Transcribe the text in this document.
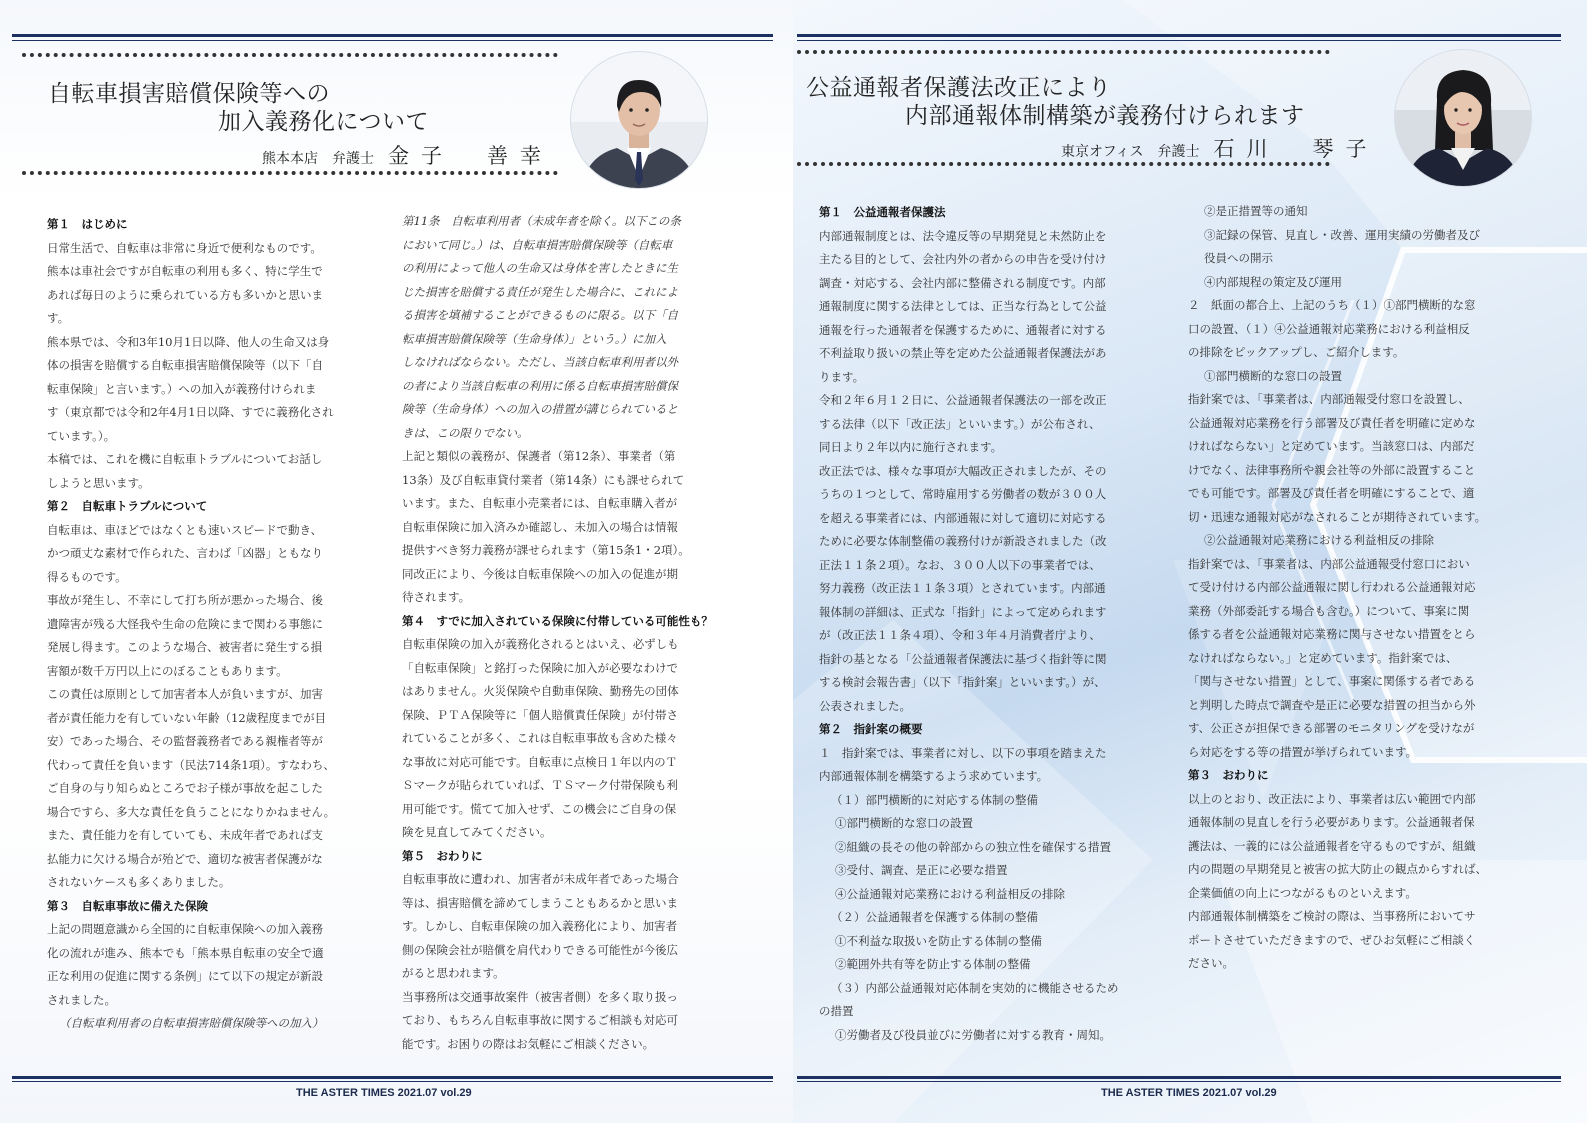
自転車損害賠償保険等への
加入義務化について
熊本本店　 弁護士 金子　善幸

第１　はじめに

日常生活で、自転車は非常に身近で便利なものです。

熊本は車社会ですが自転車の利用も多く、特に学生で

あれば毎日のように乗られている方も多いかと思いま

す。

熊本県では、令和3年10月1日以降、他人の生命又は身

体の損害を賠償する自転車損害賠償保険等（以下「自

転車保険」と言います。）への加入が義務付けられま

す（東京都では令和2年4月1日以降、すでに義務化され

ています。）。

本稿では、これを機に自転車トラブルについてお話し

しようと思います。

第２　自転車トラブルについて

自転車は、車ほどではなくとも速いスピードで動き、

かつ頑丈な素材で作られた、言わば「凶器」ともなり

得るものです。

事故が発生し、不幸にして打ち所が悪かった場合、後

遺障害が残る大怪我や生命の危険にまで関わる事態に

発展し得ます。このような場合、被害者に発生する損

害額が数千万円以上にのぼることもあります。

この責任は原則として加害者本人が負いますが、加害

者が責任能力を有していない年齢（12歳程度までが目

安）であった場合、その監督義務者である親権者等が

代わって責任を負います（民法714条1項）。すなわち、

ご自身の与り知らぬところでお子様が事故を起こした

場合ですら、多大な責任を負うことになりかねません。

また、責任能力を有していても、未成年者であれば支

払能力に欠ける場合が殆どで、適切な被害者保護がな

されないケースも多くありました。

第３　自転車事故に備えた保険

上記の問題意識から全国的に自転車保険への加入義務

化の流れが進み、熊本でも「熊本県自転車の安全で適

正な利用の促進に関する条例」にて以下の規定が新設

されました。

（自転車利用者の自転車損害賠償保険等への加入）

第11条　自転車利用者（未成年者を除く。以下この条

において同じ。）は、自転車損害賠償保険等（自転車

の利用によって他人の生命又は身体を害したときに生

じた損害を賠償する責任が発生した場合に、これによ

る損害を填補することができるものに限る。以下「自

転車損害賠償保険等（生命身体）」という。）に加入

しなければならない。ただし、当該自転車利用者以外

の者により当該自転車の利用に係る自転車損害賠償保

険等（生命身体）への加入の措置が講じられていると

きは、この限りでない。

上記と類似の義務が、保護者（第12条）、事業者（第

13条）及び自転車貸付業者（第14条）にも課せられて

います。また、自転車小売業者には、自転車購入者が

自転車保険に加入済みか確認し、未加入の場合は情報

提供すべき努力義務が課せられます（第15条1・2項）。

同改正により、今後は自転車保険への加入の促進が期

待されます。

第４　すでに加入されている保険に付帯している可能性も？

自転車保険の加入が義務化されるとはいえ、必ずしも

「自転車保険」と銘打った保険に加入が必要なわけで

はありません。火災保険や自動車保険、勤務先の団体

保険、ＰＴＡ保険等に「個人賠償責任保険」が付帯さ

れていることが多く、これは自転車事故も含めた様々

な事故に対応可能です。自転車に点検日１年以内のＴ

Ｓマークが貼られていれば、ＴＳマーク付帯保険も利

用可能です。慌てて加入せず、この機会にご自身の保

険を見直してみてください。

第５　おわりに

自転車事故に遭われ、加害者が未成年者であった場合

等は、損害賠償を諦めてしまうこともあるかと思いま

す。しかし、自転車保険の加入義務化により、加害者

側の保険会社が賠償を肩代わりできる可能性が今後広

がると思われます。

当事務所は交通事故案件（被害者側）を多く取り扱っ

ており、もちろん自転車事故に関するご相談も対応可

能です。お困りの際はお気軽にご相談ください。

THE ASTER TIMES 2021.07 vol.29
公益通報者保護法改正により
内部通報体制構築が義務付けられます
東京オフィス　 弁護士 石川　琴子

第１　公益通報者保護法

内部通報制度とは、法令違反等の早期発見と未然防止を

主たる目的として、会社内外の者からの申告を受け付け

調査・対応する、会社内部に整備される制度です。内部

通報制度に関する法律としては、正当な行為として公益

通報を行った通報者を保護するために、通報者に対する

不利益取り扱いの禁止等を定めた公益通報者保護法があ

ります。

令和２年６月１２日に、公益通報者保護法の一部を改正

する法律（以下「改正法」といいます。）が公布され、

同日より２年以内に施行されます。

改正法では、様々な事項が大幅改正されましたが、その

うちの１つとして、常時雇用する労働者の数が３００人

を超える事業者には、内部通報に対して適切に対応する

ために必要な体制整備の義務付けが新設されました（改

正法１１条２項）。なお、３００人以下の事業者では、

努力義務（改正法１１条３項）とされています。内部通

報体制の詳細は、正式な「指針」によって定められます

が（改正法１１条４項）、令和３年４月消費者庁より、

指針の基となる「公益通報者保護法に基づく指針等に関

する検討会報告書」（以下「指針案」といいます。）が、

公表されました。

第２　指針案の概要

１　指針案では、事業者に対し、以下の事項を踏まえた

内部通報体制を構築するよう求めています。

（１）部門横断的に対応する体制の整備

①部門横断的な窓口の設置

②組織の長その他の幹部からの独立性を確保する措置

③受付、調査、是正に必要な措置

④公益通報対応業務における利益相反の排除

（２）公益通報者を保護する体制の整備

①不利益な取扱いを防止する体制の整備

②範囲外共有等を防止する体制の整備

（３）内部公益通報対応体制を実効的に機能させるため

の措置

①労働者及び役員並びに労働者に対する教育・周知。

②是正措置等の通知

③記録の保管、見直し・改善、運用実績の労働者及び

役員への開示

④内部規程の策定及び運用

２　紙面の都合上、上記のうち（１）①部門横断的な窓

口の設置、（１）④公益通報対応業務における利益相反

の排除をピックアップし、ご紹介します。

①部門横断的な窓口の設置

指針案では、「事業者は、内部通報受付窓口を設置し、

公益通報対応業務を行う部署及び責任者を明確に定めな

ければならない」と定めています。当該窓口は、内部だ

けでなく、法律事務所や親会社等の外部に設置すること

でも可能です。部署及び責任者を明確にすることで、適

切・迅速な通報対応がなされることが期待されています。

②公益通報対応業務における利益相反の排除

指針案では、「事業者は、内部公益通報受付窓口におい

て受け付ける内部公益通報に関し行われる公益通報対応

業務（外部委託する場合も含む。）について、事案に関

係する者を公益通報対応業務に関与させない措置をとら

なければならない。」と定めています。指針案では、

「関与させない措置」として、事案に関係する者である

と判明した時点で調査や是正に必要な措置の担当から外

す、公正さが担保できる部署のモニタリングを受けなが

ら対応をする等の措置が挙げられています。

第３　おわりに

以上のとおり、改正法により、事業者は広い範囲で内部

通報体制の見直しを行う必要があります。公益通報者保

護法は、一義的には公益通報者を守るものですが、組織

内の問題の早期発見と被害の拡大防止の観点からすれば、

企業価値の向上につながるものといえます。

内部通報体制構築をご検討の際は、当事務所においてサ

ポートさせていただきますので、ぜひお気軽にご相談く

ださい。

THE ASTER TIMES 2021.07 vol.29
